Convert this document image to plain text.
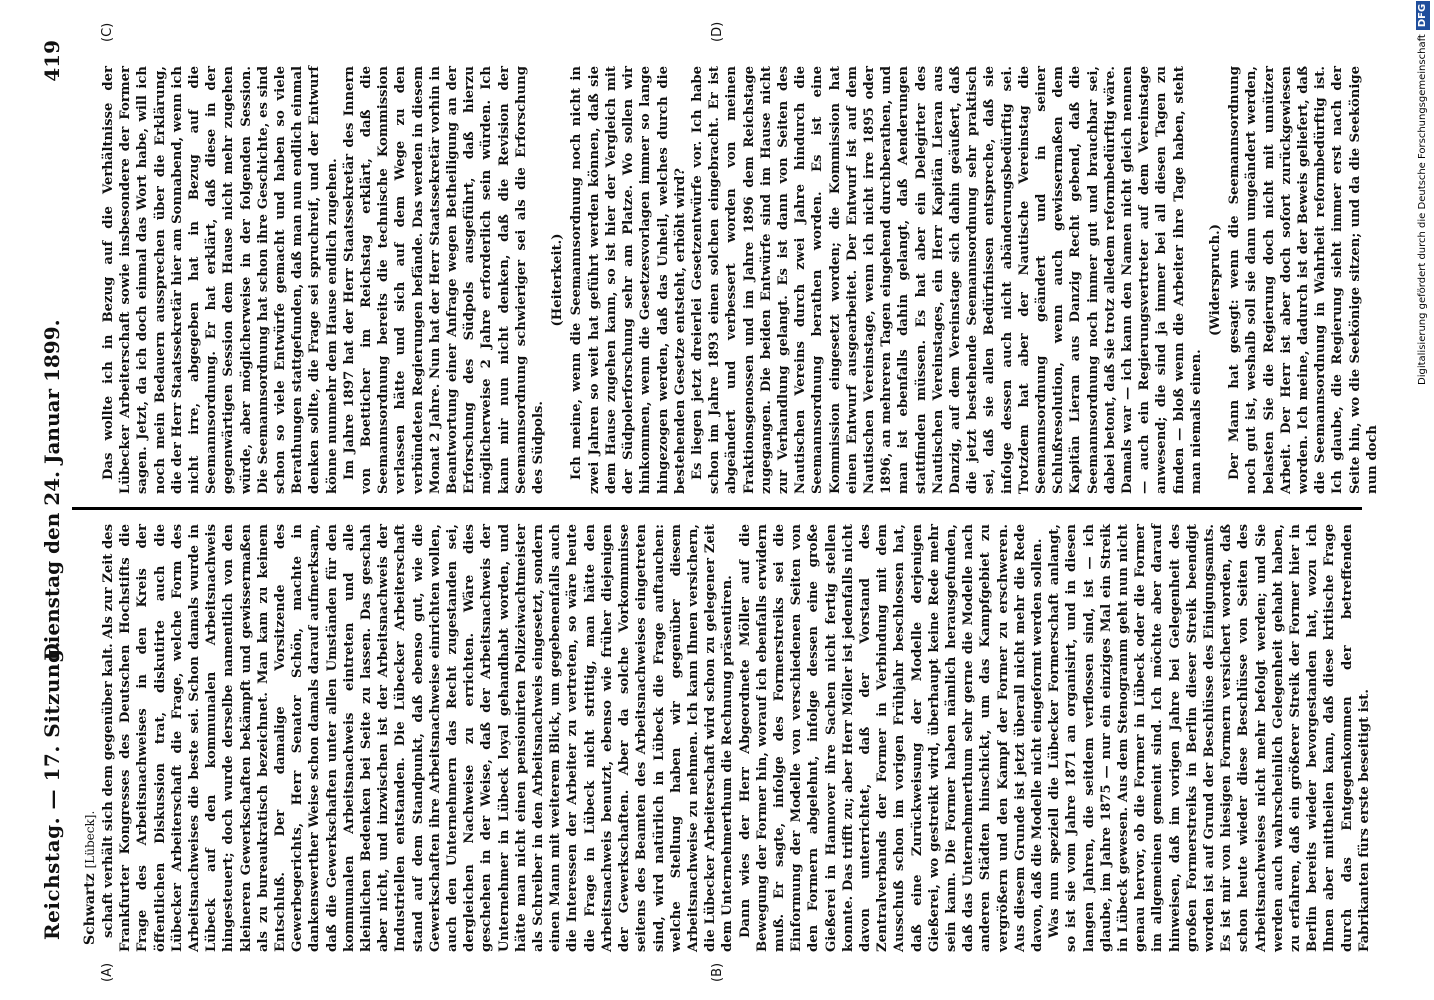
Reichstag. — 17. Sitzung.
Dienstag den 24. Januar 1899.
419
Schwartz [Lübeck].
(A)	(B)
(C)	(D)

schaft verhält sich dem gegenüber kalt. Als zur Zeit des Frankfurter Kongresses des Deutschen Hochstifts die Frage des Arbeitsnachweises in den Kreis der öffentlichen Diskussion trat, diskutirte auch die Lübecker Arbeiterschaft die Frage, welche Form des Arbeitsnachweises die beste sei. Schon damals wurde in Lübeck auf den kommunalen Arbeitsnachweis hingesteuert; doch wurde derselbe namentlich von den kleineren Gewerkschaften bekämpft und gewissermaßen als zu bureaukratisch bezeichnet. Man kam zu keinem Entschluß. Der damalige Vorsitzende des Gewerbegerichts, Herr Senator Schön, machte in dankenswerther Weise schon damals darauf aufmerksam, daß die Gewerkschaften unter allen Umständen für den kommunalen Arbeitsnachweis eintreten und alle kleinlichen Bedenken bei Seite zu lassen. Das geschah aber nicht, und inzwischen ist der Arbeitsnachweis der Industriellen entstanden. Die Lübecker Arbeiterschaft stand auf dem Standpunkt, daß ebenso gut, wie die Gewerkschaften ihre Arbeitsnachweise einrichten wollen, auch den Unternehmern das Recht zugestanden sei, dergleichen Nachweise zu errichten. Wäre dies geschehen in der Weise, daß der Arbeitsnachweis der Unternehmer in Lübeck loyal gehandhabt worden, und hätte man nicht einen pensionirten Polizeiwachtmeister als Schreiber in den Arbeitsnachweis eingesetzt, sondern einen Mann mit weiterem Blick, um gegebenenfalls auch die Interessen der Arbeiter zu vertreten, so wäre heute die Frage in Lübeck nicht strittig, man hätte den Arbeitsnachweis benutzt, ebenso wie früher diejenigen der Gewerkschaften. Aber da solche Vorkommnisse seitens des Beamten des Arbeitsnachweises eingetreten sind, wird natürlich in Lübeck die Frage auftauchen: welche Stellung haben wir gegenüber diesem Arbeitsnachweise zu nehmen. Ich kann Ihnen versichern, die Lübecker Arbeiterschaft wird schon zu gelegener Zeit dem Unternehmerthum die Rechnung präsentiren. Dann wies der Herr Abgeordnete Möller auf die Bewegung der Former hin, worauf ich ebenfalls erwidern muß. Er sagte, infolge des Formerstreiks sei die Einformung der Modelle von verschiedenen Seiten von den Formern abgelehnt, infolge dessen eine große Gießerei in Hannover ihre Sachen nicht fertig stellen konnte. Das trifft zu; aber Herr Möller ist jedenfalls nicht davon unterrichtet, daß der Vorstand des Zentralverbands der Former in Verbindung mit dem Ausschuß schon im vorigen Frühjahr beschlossen hat, daß eine Zurückweisung der Modelle derjenigen Gießerei, wo gestreikt wird, überhaupt keine Rede mehr sein kann. Die Former haben nämlich herausgefunden, daß das Unternehmerthum sehr gerne die Modelle nach anderen Städten hinschickt, um das Kampfgebiet zu vergrößern und den Kampf der Former zu erschweren. Aus diesem Grunde ist jetzt überall nicht mehr die Rede davon, daß die Modelle nicht eingeformt werden sollen. Was nun speziell die Lübecker Formerschaft anlangt, so ist sie vom Jahre 1871 an organisirt, und in diesen langen Jahren, die seitdem verflossen sind, ist — ich glaube, im Jahre 1875 — nur ein einziges Mal ein Streik in Lübeck gewesen. Aus dem Stenogramm geht nun nicht genau hervor, ob die Former in Lübeck oder die Former im allgemeinen gemeint sind. Ich möchte aber darauf hinweisen, daß im vorigen Jahre bei Gelegenheit des großen Formerstreiks in Berlin dieser Streik beendigt worden ist auf Grund der Beschlüsse des Einigungsamts. Es ist mir von hiesigen Formern versichert worden, daß schon heute wieder diese Beschlüsse von Seiten des Arbeitsnachweises nicht mehr befolgt werden; und Sie werden auch wahrscheinlich Gelegenheit gehabt haben, zu erfahren, daß ein größerer Streik der Former hier in Berlin bereits wieder bevorgestanden hat, wozu ich Ihnen aber mittheilen kann, daß diese kritische Frage durch das Entgegenkommen der betreffenden Fabrikanten fürs erste beseitigt ist.

Das wollte ich in Bezug auf die Verhältnisse der Lübecker Arbeiterschaft sowie insbesondere der Former sagen. Jetzt, da ich doch einmal das Wort habe, will ich noch mein Bedauern aussprechen über die Erklärung, die der Herr Staatssekretär hier am Sonnabend, wenn ich nicht irre, abgegeben hat in Bezug auf die Seemannsordnung. Er hat erklärt, daß diese in der gegenwärtigen Session dem Hause nicht mehr zugehen würde, aber möglicherweise in der folgenden Session. Die Seemannsordnung hat schon ihre Geschichte, es sind schon so viele Entwürfe gemacht und haben so viele Berathungen stattgefunden, daß man nun endlich einmal denken sollte, die Frage sei spruchreif, und der Entwurf könne nunmehr dem Hause endlich zugehen. Im Jahre 1897 hat der Herr Staatssekretär des Innern von Boetticher im Reichstag erklärt, daß die Seemannsordnung bereits die technische Kommission verlassen hätte und sich auf dem Wege zu den verbündeten Regierungen befände. Das werden in diesem Monat 2 Jahre. Nun hat der Herr Staatssekretär vorhin in Beantwortung einer Anfrage wegen Betheiligung an der Erforschung des Südpols ausgeführt, daß hierzu möglicherweise 2 Jahre erforderlich sein würden. Ich kann mir nun nicht denken, daß die Revision der Seemannsordnung schwieriger sei als die Erforschung des Südpols.

(Heiterkeit.) Ich meine, wenn die Seemannsordnung noch nicht in zwei Jahren so weit hat geführt werden können, daß sie dem Hause zugehen kann, so ist hier der Vergleich mit der Südpolerforschung sehr am Platze. Wo sollen wir hinkommen, wenn die Gesetzesvorlagen immer so lange hingezogen werden, daß das Unheil, welches durch die bestehenden Gesetze entsteht, erhöht wird? Es liegen jetzt dreierlei Gesetzentwürfe vor. Ich habe schon im Jahre 1893 einen solchen eingebracht. Er ist abgeändert und verbessert worden von meinen Fraktionsgenossen und im Jahre 1896 dem Reichstage zugegangen. Die beiden Entwürfe sind im Hause nicht zur Verhandlung gelangt. Es ist dann von Seiten des Nautischen Vereins durch zwei Jahre hindurch die Seemannsordnung berathen worden. Es ist eine Kommission eingesetzt worden; die Kommission hat einen Entwurf ausgearbeitet. Der Entwurf ist auf dem Nautischen Vereinstage, wenn ich nicht irre 1895 oder 1896, an mehreren Tagen eingehend durchberathen, und man ist ebenfalls dahin gelangt, daß Aenderungen stattfinden müssen. Es hat aber ein Delegirter des Nautischen Vereinstages, ein Herr Kapitän Lieran aus Danzig, auf dem Vereinstage sich dahin geäußert, daß die jetzt bestehende Seemannsordnung sehr praktisch sei, daß sie allen Bedürfnissen entspreche, daß sie infolge dessen auch nicht abänderungsbedürftig sei. Trotzdem hat aber der Nautische Vereinstag die Seemannsordnung geändert und in seiner Schlußresolution, wenn auch gewissermaßen dem Kapitän Lieran aus Danzig Recht gebend, daß die Seemannsordnung noch immer gut und brauchbar sei, dabei betont, daß sie trotz alledem reformbedürftig wäre. Damals war — ich kann den Namen nicht gleich nennen — auch ein Regierungsvertreter auf dem Vereinstage anwesend; die sind ja immer bei all diesen Tagen zu finden — bloß wenn die Arbeiter ihre Tage haben, steht man niemals einen.

(Widerspruch.) Der Mann hat gesagt: wenn die Seemannsordnung noch gut ist, weshalb soll sie dann umgeändert werden, belasten Sie die Regierung doch nicht mit unnützer Arbeit. Der Herr ist aber doch sofort zurückgewiesen worden. Ich meine, dadurch ist der Beweis geliefert, daß die Seemannsordnung in Wahrheit reformbedürftig ist. Ich glaube, die Regierung sieht immer erst nach der Seite hin, wo die Seekönige sitzen; und da die Seekönige nun doch

Digitalisierung gefördert durch die Deutsche ForschungsgemeinschaftDFG
